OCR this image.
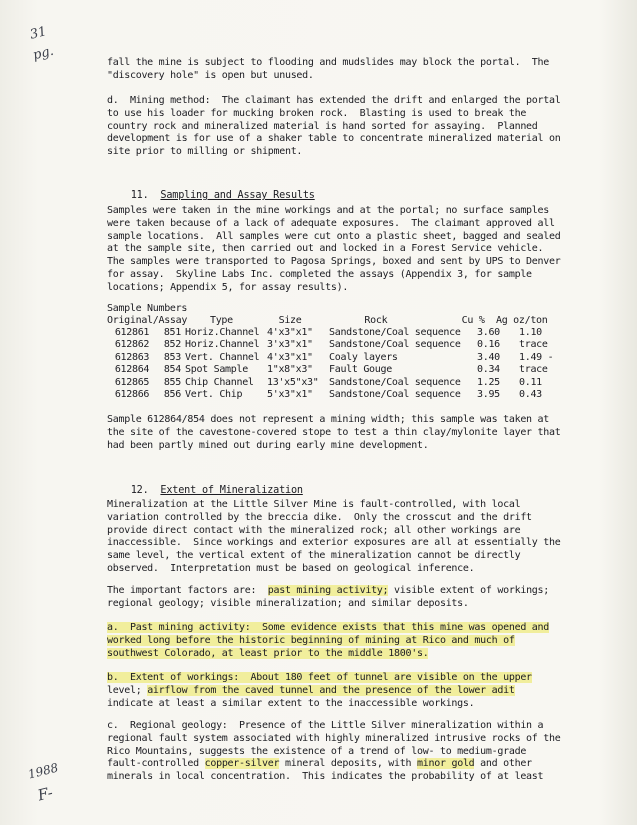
31
pg.
1988
F-
fall the mine is subject to flooding and mudslides may block the portal.  The
"discovery hole" is open but unused.
d.  Mining method:  The claimant has extended the drift and enlarged the portal
to use his loader for mucking broken rock.  Blasting is used to break the
country rock and mineralized material is hand sorted for assaying.  Planned
development is for use of a shaker table to concentrate mineralized material on
site prior to milling or shipment.

11. Sampling and Assay Results

Samples were taken in the mine workings and at the portal; no surface samples
were taken because of a lack of adequate exposures.  The claimant approved all
sample locations.  All samples were cut onto a plastic sheet, bagged and sealed
at the sample site, then carried out and locked in a Forest Service vehicle.
The samples were transported to Pagosa Springs, boxed and sent by UPS to Denver
for assay.  Skyline Labs Inc. completed the assays (Appendix 3, for sample
locations; Appendix 5, for assay results).
Sample Numbers
Original/Assay    Type        Size           Rock             Cu %  Ag oz/ton
612861	851	Horiz.Channel	4'x3"x1"	Sandstone/Coal sequence	3.60	1.10
612862	852	Horiz.Channel	3'x3"x1"	Sandstone/Coal sequence	0.16	trace
612863	853	Vert. Channel	4'x3"x1"	Coaly layers	3.40	1.49 -
612864	854	Spot Sample	1"x8"x3"	Fault Gouge	0.34	trace
612865	855	Chip Channel	13'x5"x3"	Sandstone/Coal sequence	1.25	0.11
612866	856	Vert. Chip	5'x3"x1"	Sandstone/Coal sequence	3.95	0.43
Sample 612864/854 does not represent a mining width; this sample was taken at
the site of the cavestone-covered stope to test a thin clay/mylonite layer that
had been partly mined out during early mine development.

12. Extent of Mineralization

Mineralization at the Little Silver Mine is fault-controlled, with local
variation controlled by the breccia dike.  Only the crosscut and the drift
provide direct contact with the mineralized rock; all other workings are
inaccessible.  Since workings and exterior exposures are all at essentially the
same level, the vertical extent of the mineralization cannot be directly
observed.  Interpretation must be based on geological inference.
The important factors are:  past mining activity; visible extent of workings;
regional geology; visible mineralization; and similar deposits.
a.  Past mining activity:  Some evidence exists that this mine was opened and
worked long before the historic beginning of mining at Rico and much of
southwest Colorado, at least prior to the middle 1800's.
b.  Extent of workings:  About 180 feet of tunnel are visible on the upper
level; airflow from the caved tunnel and the presence of the lower adit
indicate at least a similar extent to the inaccessible workings.
c.  Regional geology:  Presence of the Little Silver mineralization within a
regional fault system associated with highly mineralized intrusive rocks of the
Rico Mountains, suggests the existence of a trend of low- to medium-grade
fault-controlled copper-silver mineral deposits, with minor gold and other
minerals in local concentration.  This indicates the probability of at least
